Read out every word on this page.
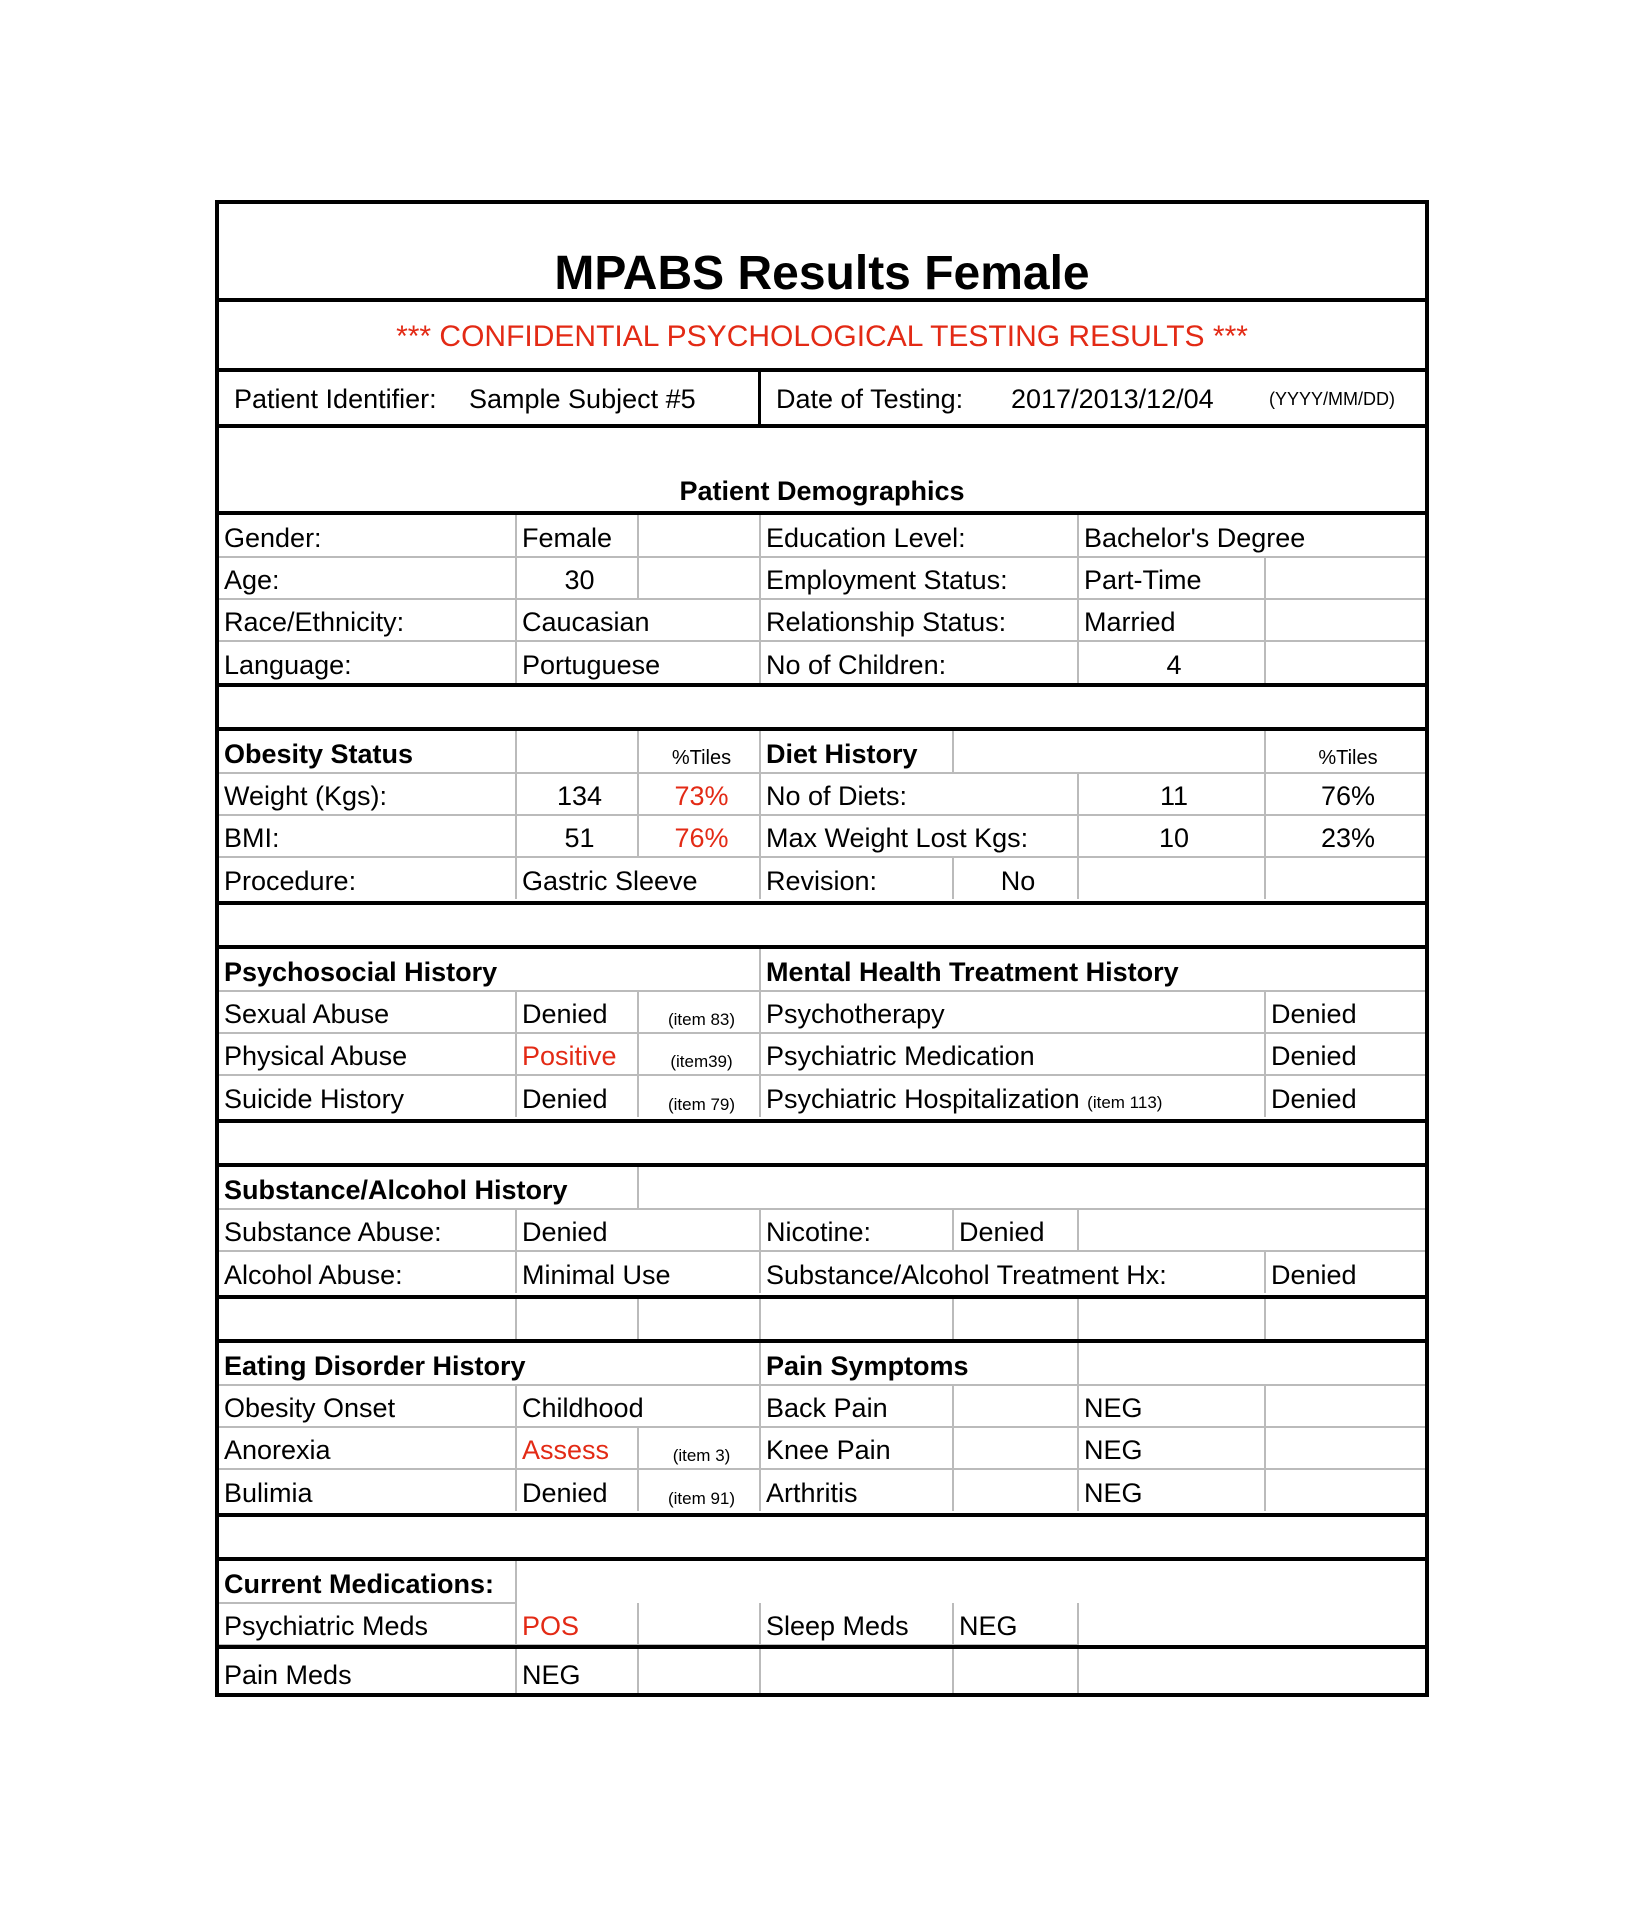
MPABS Results Female
*** CONFIDENTIAL PSYCHOLOGICAL TESTING RESULTS ***
Patient Identifier: Sample Subject #5	Date of Testing: 2017/2013/12/04	(YYYY/MM/DD)
Patient Demographics
Gender:	Female		Education Level:	Bachelor's Degree	
Age:	30		Employment Status:	Part-Time	
Race/Ethnicity:	Caucasian		Relationship Status:	Married	
Language:	Portuguese		No of Children:	4	
Obesity Status		%Tiles	Diet History			%Tiles
Weight (Kgs):	134	73%	No of Diets:		11	76%
BMI:	51	76%	Max Weight Lost Kgs:		10	23%
Procedure:	Gastric Sleeve		Revision:	No		
Psychosocial History			Mental Health Treatment History	
Sexual Abuse	Denied	(item 83)	Psychotherapy	Denied
Physical Abuse	Positive	(item39)	Psychiatric Medication	Denied
Suicide History	Denied	(item 79)	Psychiatric Hospitalization (item 113)	Denied
Substance/Alcohol History						
Substance Abuse:	Denied		Nicotine:	Denied		
Alcohol Abuse:	Minimal Use		Substance/Alcohol Treatment Hx:			Denied

Eating Disorder History			Pain Symptoms			
Obesity Onset	Childhood		Back Pain		NEG	
Anorexia	Assess	(item 3)	Knee Pain		NEG	
Bulimia	Denied	(item 91)	Arthritis		NEG	
Current Medications:					
Psychiatric Meds	POS		Sleep Meds	NEG	
Pain Meds	NEG				
